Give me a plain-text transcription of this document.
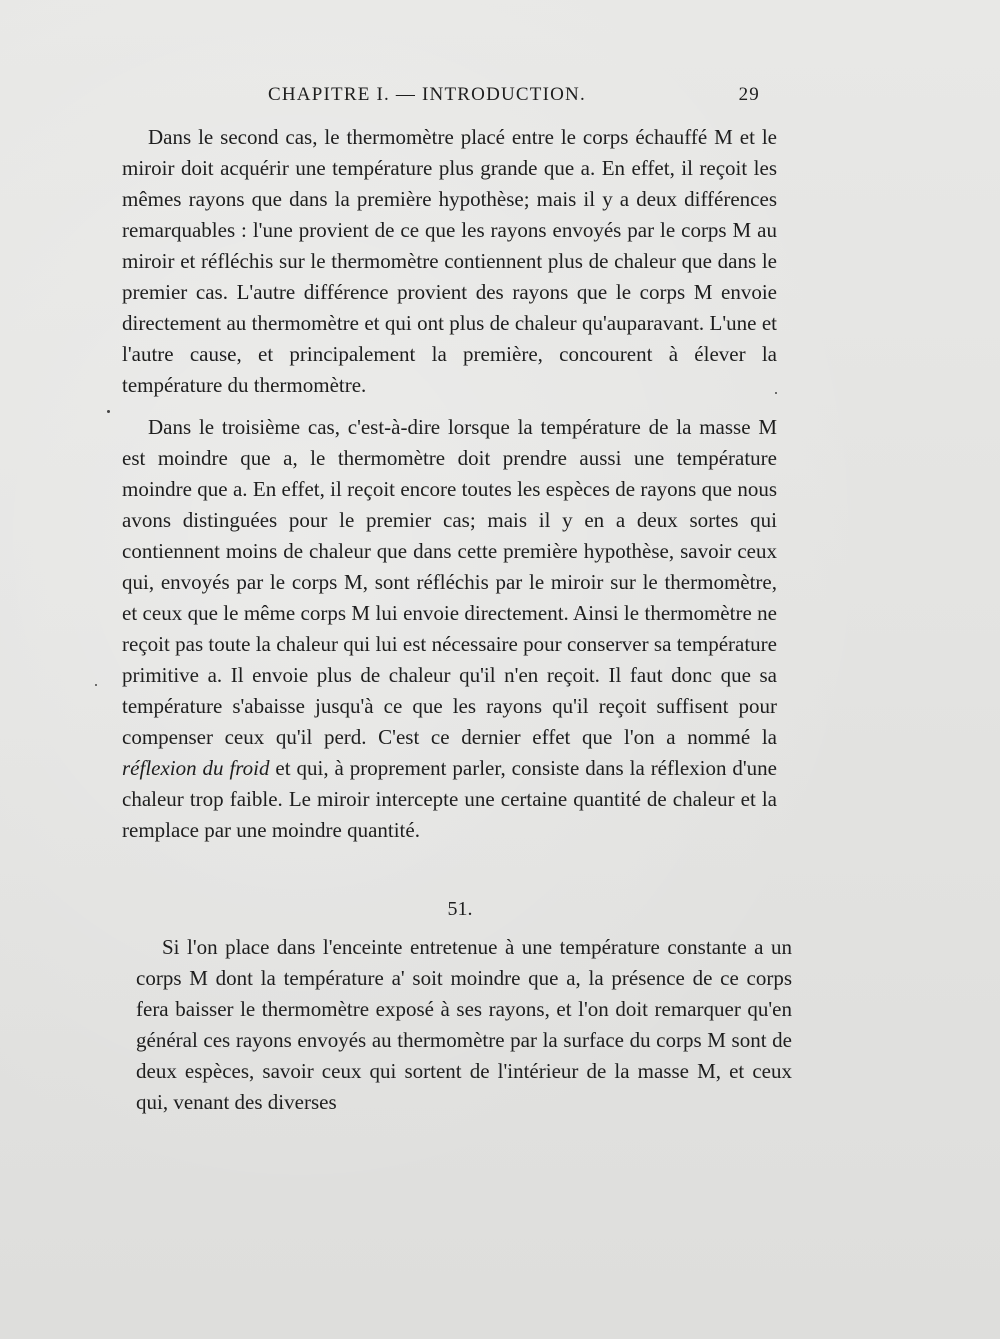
CHAPITRE I. — INTRODUCTION.	29

Dans le second cas, le thermomètre placé entre le corps échauffé M et le miroir doit acquérir une température plus grande que a. En effet, il reçoit les mêmes rayons que dans la première hypothèse; mais il y a deux différences remarquables : l'une provient de ce que les rayons envoyés par le corps M au miroir et réfléchis sur le thermomètre contiennent plus de chaleur que dans le premier cas. L'autre différence provient des rayons que le corps M envoie directement au thermomètre et qui ont plus de chaleur qu'auparavant. L'une et l'autre cause, et principalement la première, concourent à élever la température du thermomètre.

Dans le troisième cas, c'est-à-dire lorsque la température de la masse M est moindre que a, le thermomètre doit prendre aussi une température moindre que a. En effet, il reçoit encore toutes les espèces de rayons que nous avons distinguées pour le premier cas; mais il y en a deux sortes qui contiennent moins de chaleur que dans cette première hypothèse, savoir ceux qui, envoyés par le corps M, sont réfléchis par le miroir sur le thermomètre, et ceux que le même corps M lui envoie directement. Ainsi le thermomètre ne reçoit pas toute la chaleur qui lui est nécessaire pour conserver sa température primitive a. Il envoie plus de chaleur qu'il n'en reçoit. Il faut donc que sa température s'abaisse jusqu'à ce que les rayons qu'il reçoit suffisent pour compenser ceux qu'il perd. C'est ce dernier effet que l'on a nommé la réflexion du froid et qui, à proprement parler, consiste dans la réflexion d'une chaleur trop faible. Le miroir intercepte une certaine quantité de chaleur et la remplace par une moindre quantité.

51.

Si l'on place dans l'enceinte entretenue à une température constante a un corps M dont la température a' soit moindre que a, la présence de ce corps fera baisser le thermomètre exposé à ses rayons, et l'on doit remarquer qu'en général ces rayons envoyés au thermomètre par la surface du corps M sont de deux espèces, savoir ceux qui sortent de l'intérieur de la masse M, et ceux qui, venant des diverses
